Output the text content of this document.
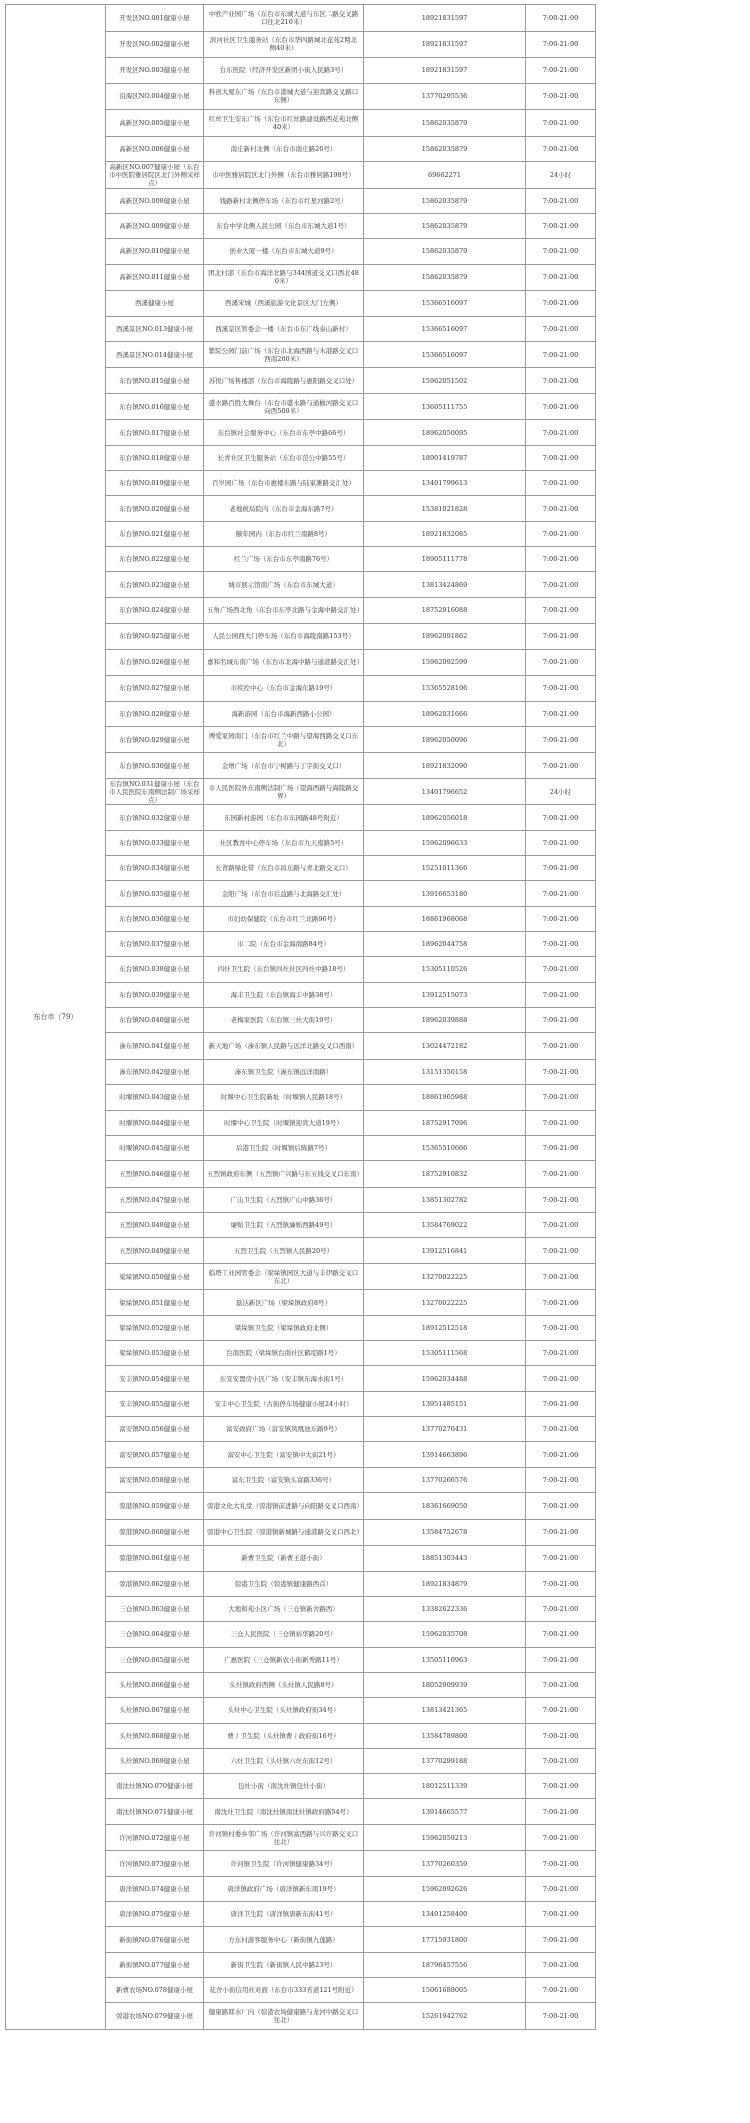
东台市（79）	开发区NO.001健康小屋	中欧产业园广场（东台市东城大道与东区二路交叉路口往北210米）	18921831597	7:00-21:00
	开发区NO.002健康小屋	滨河社区卫生服务站（东台市华四路城北花苑2期北侧40米）	18921831597	7:00-21:00
	开发区NO.003健康小屋	台东医院（经济开发区新团小街人民路3号）	18921831597	7:00-21:00
	沿海区NO.004健康小屋	科创大厦东广场（东台市港城大道与迎宾路交叉路口东侧）	13770295536	7:00-21:00
	高新区NO.005健康小屋	红丝卫生安东广场（东台市红丝路建设路西花苑北侧40米）	15862035879	7:00-21:00
	高新区NO.006健康小屋	南庄新村北侧（东台市南庄路26号）	15862035879	7:00-21:00
	高新区NO.007健康小屋（东台市中医院雅居院区北门外侧采样点）	市中医雅居院区北门外侧（东台市雅居路198号）	69662271	24小时
	高新区NO.008健康小屋	钱路新村北侧停车场（东台市红星河路2号）	15862035879	7:00-21:00
	高新区NO.009健康小屋	东台中学北侧人民公园（东台市东城大道1号）	15862035879	7:00-21:00
	高新区NO.010健康小屋	创业大厦一楼（东台市东城大道9号）	15862035879	7:00-21:00
	高新区NO.011健康小屋	团北村部（东台市海洋北路与344国道交叉口西北480米）	15862035879	7:00-21:00
	西溪健康小屋	西溪宋城（西溪旅游文化景区大门左侧）	15366516097	7:00-21:00
	西溪景区NO.013健康小屋	西溪景区管委会一楼（东台市东广线泰山新村）	15366516097	7:00-21:00
	西溪景区NO.014健康小屋	紫院公园门前广场（东台市北海西路与木港路交叉口西南200米）	15366516097	7:00-21:00
	东台镇NO.015健康小屋	苏悦广场售楼部（东台市海陵路与惠阳路交叉口处）	15962051502	7:00-21:00
	东台镇NO.016健康小屋	盛水路百胜大舞台（东台市盛水路与通榆河路交叉口向西500米）	13605111755	7:00-21:00
	东台镇NO.017健康小屋	东台镇社会服务中心（东台市东亭中路66号）	18962050095	7:00-21:00
	东台镇NO.018健康小屋	长青社区卫生服务站（东台市范公中路55号）	18901419787	7:00-21:00
	东台镇NO.019健康小屋	百岁园广场（东台市惠楼东路与陆家滩路交汇处）	13401799613	7:00-21:00
	东台镇NO.020健康小屋	老地税局院内（东台市金海东路7号）	15381021828	7:00-21:00
	东台镇NO.021健康小屋	颐年园内（东台市红兰南路8号）	18921832085	7:00-21:00
	东台镇NO.022健康小屋	红兰广场（东台市东亭南路76号）	18905111778	7:00-21:00
	东台镇NO.023健康小屋	城市展示馆南广场（东台市东城大道）	13813424869	7:00-21:00
	东台镇NO.024健康小屋	五角广场西北角（东台市东亭北路与金海中路交汇处）	18752916088	7:00-21:00
	东台镇NO.025健康小屋	人民公园西大门停车场（东台市海陵南路153号）	18962091862	7:00-21:00
	东台镇NO.026健康小屋	嘉和名城东南广场（东台市北海中路与通港路交汇处）	15962092599	7:00-21:00
	东台镇NO.027健康小屋	市疾控中心（东台市金海东路19号）	15365528106	7:00-21:00
	东台镇NO.028健康小屋	海新游园（东台市海新西路小公园）	18962031666	7:00-21:00
	东台镇NO.029健康小屋	博爱家园南门（东台市红兰中路与望海西路交叉口东北）	18962050096	7:00-21:00
	东台镇NO.030健康小屋	金增广场（东台市宁树路与丁字街交叉口）	18921832090	7:00-21:00
	东台镇NO.031健康小屋（东台市人民医院东南侧法制广场采样点）	市人民医院外东南侧法制广场（望海西路与海陵路交界）	13401796652	24小时
	东台镇NO.032健康小屋	东园新村游园（东台市东园路48号附近）	18962056018	7:00-21:00
	东台镇NO.033健康小屋	社区教育中心停车场（东台市九天南路5号）	15962096633	7:00-21:00
	东台镇NO.034健康小屋	长青路绿化带（东台市昌东路与青北路交叉口）	15251011366	7:00-21:00
	东台镇NO.035健康小屋	金阳广场（东台市后益路与北海路交汇处）	13916653180	7:00-21:00
	东台镇NO.036健康小屋	市妇幼保健院（东台市红兰北路96号）	18861968068	7:00-21:00
	东台镇NO.037健康小屋	市二院（东台市金海南路84号）	18962044758	7:00-21:00
	东台镇NO.038健康小屋	四灶卫生院（东台镇四灶社区四灶中路18号）	15305110526	7:00-21:00
	东台镇NO.039健康小屋	海丰卫生院（东台镇海丰中路38号）	13912515073	7:00-21:00
	东台镇NO.040健康小屋	老梅家医院（东台镇三灶大街19号）	18962039888	7:00-21:00
	溱东镇NO.041健康小屋	新天地广场（溱东镇人民路与远洋北路交叉口西南）	13024472182	7:00-21:00
	溱东镇NO.042健康小屋	溱东镇卫生院（溱东镇远洋南路）	13151350158	7:00-21:00
	时堰镇NO.043健康小屋	时堰中心卫生院新址（时堰镇人民路18号）	18861965988	7:00-21:00
	时堰镇NO.044健康小屋	时堰中心卫生院（时堰镇迎宾大道19号）	18752917096	7:00-21:00
	时堰镇NO.045健康小屋	后港卫生院（时堰镇后陈路7号）	15365510666	7:00-21:00
	五烈镇NO.046健康小屋	五烈镇政府东侧（五烈镇广兴路与东五线交叉口东南）	18752910832	7:00-21:00
	五烈镇NO.047健康小屋	广山卫生院（五烈镇广山中路36号）	13851302782	7:00-21:00
	五烈镇NO.048健康小屋	廉贻卫生院（五烈镇廉贻西路49号）	13584769022	7:00-21:00
	五烈镇NO.049健康小屋	五烈卫生院（五烈镇人民路20号）	13912516841	7:00-21:00
	梁垛镇NO.050健康小屋	临塔工业园管委会（梁垛镇园区大道与丰伊路交叉口东北）	13270022225	7:00-21:00
	梁垛镇NO.051健康小屋	磊达新区广场（梁垛镇政府8号）	13270022225	7:00-21:00
	梁垛镇NO.052健康小屋	梁垛镇卫生院（梁垛镇政府北侧）	18912512518	7:00-21:00
	梁垛镇NO.053健康小屋	台南医院（梁垛镇台南社区鹤堤路1号）	15305111568	7:00-21:00
	安丰镇NO.054健康小屋	东安安置房小区广场（安丰镇东海水街1号）	15962034488	7:00-21:00
	安丰镇NO.055健康小屋	安丰中心卫生院（古街停车场健康小屋24小时）	13951485151	7:00-21:00
	富安镇NO.056健康小屋	富安政府广场（富安镇凤凰池东路9号）	13770270431	7:00-21:00
	富安镇NO.057健康小屋	富安中心卫生院（富安镇中大街21号）	13914663896	7:00-21:00
	富安镇NO.058健康小屋	富东卫生院（富安镇头富路336号）	13770266576	7:00-21:00
	弶港镇NO.059健康小屋	弶港文化大礼堂（弶港镇前进路与向阳路交叉口西南）	18361669050	7:00-21:00
	弶港镇NO.060健康小屋	弶港中心卫生院（弶港镇新城路与通港路交叉口西北）	13584752678	7:00-21:00
	弶港镇NO.061健康小屋	新曹卫生院（新曹王港小街）	18851303443	7:00-21:00
	弶港镇NO.062健康小屋	弶港卫生院（弶港镇健康路西首）	18921834879	7:00-21:00
	三仓镇NO.063健康小屋	大地和苑小区广场（三仓镇新舍路西）	13382622336	7:00-21:00
	三仓镇NO.064健康小屋	三仓人民医院（三仓镇裕华路20号）	15962035708	7:00-21:00
	三仓镇NO.065健康小屋	广惠医院（三仓镇新农小街新秀路11号）	13505110963	7:00-21:00
	头灶镇NO.066健康小屋	头灶镇政府西侧（头灶镇人民路8号）	18052909939	7:00-21:00
	头灶镇NO.067健康小屋	头灶中心卫生院（头灶镇政府街34号）	13813421365	7:00-21:00
	头灶镇NO.068健康小屋	曹丿卫生院（头灶镇曹丿政府街16号）	13584789800	7:00-21:00
	头灶镇NO.069健康小屋	六灶卫生院（头灶镇六灶东街12号）	13770299188	7:00-21:00
	南沈灶镇NO.070健康小屋	包灶小街（南沈灶镇包灶小街）	18012511339	7:00-21:00
	南沈灶镇NO.071健康小屋	南沈灶卫生院（南沈灶镇南沈灶镇政府路54号）	13914665577	7:00-21:00
	许河镇NO.072健康小屋	许河镇村委乡邻广场（许河镇富西路与兴许路交叉口往北）	15962059213	7:00-21:00
	许河镇NO.073健康小屋	许河镇卫生院（许河镇健康路34号）	13770260359	7:00-21:00
	唐洋镇NO.074健康小屋	唐洋镇政府广场（唐洋镇新东南19号）	15962092626	7:00-21:00
	唐洋镇NO.075健康小屋	唐洋卫生院（唐洋镇唐新东街41号）	13401258400	7:00-21:00
	新街镇NO.076健康小屋	方东村游客服务中心（新街镇九莲路）	17715931800	7:00-21:00
	新街镇NO.077健康小屋	新街卫生院（新街镇人民中路23号）	18796457556	7:00-21:00
	新曹农场NO.078健康小屋	花舍小街信用社对面（东台市333省道121号附近）	15061688005	7:00-21:00
	弶港农场NO.079健康小屋	健康路耶水厂内（弶港农场健康路与龙河中路交叉口往北）	15261942762	7:00-21:00
